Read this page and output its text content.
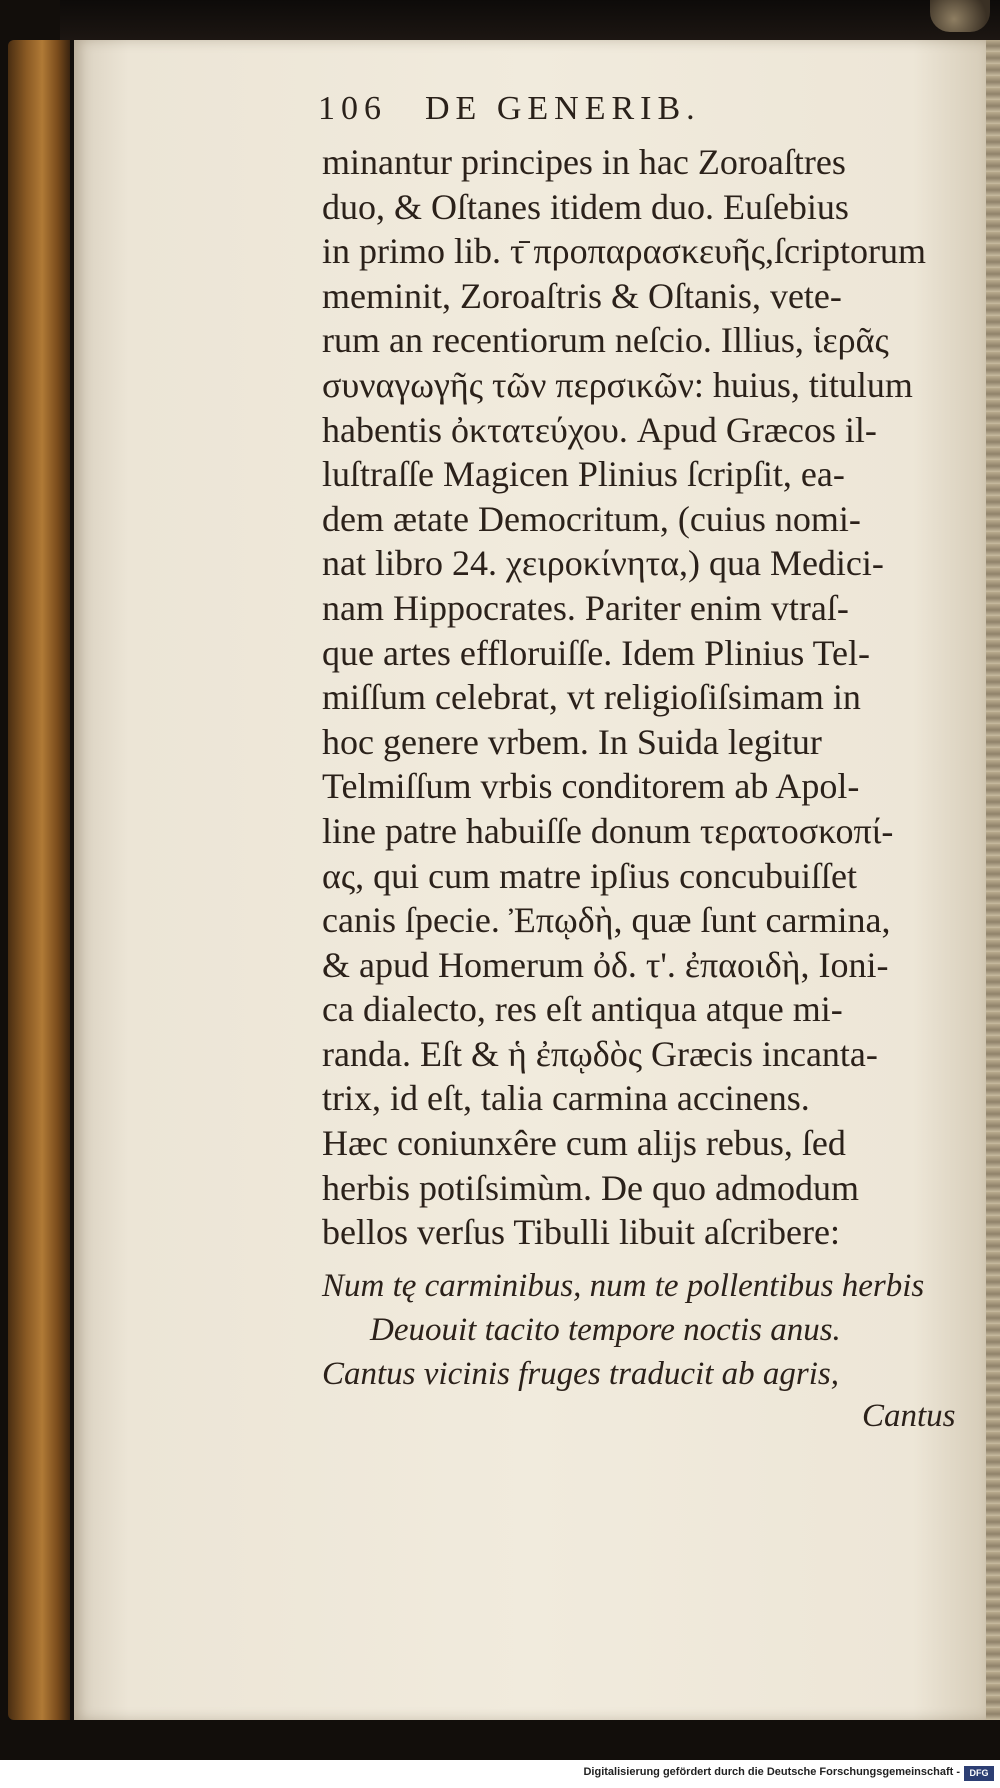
106 DE GENERIB.
minantur principes in hac Zoroaſtres
duo, & Oſtanes itidem duo. Euſebius
in primo lib. τ̄ προπαρασκευῆς,ſcriptorum
meminit, Zoroaſtris & Oſtanis, vete-
rum an recentiorum neſcio. Illius, ἱερᾶς
συναγωγῆς τῶν περσικῶν: huius, titulum
habentis ὀκτατεύχου. Apud Græcos il-
luſtraſſe Magicen Plinius ſcripſit, ea-
dem ætate Democritum, (cuius nomi-
nat libro 24. χειροκίνητα,) qua Medici-
nam Hippocrates. Pariter enim vtraſ-
que artes effloruiſſe. Idem Plinius Tel-
miſſum celebrat, vt religioſiſsimam in
hoc genere vrbem. In Suida legitur
Telmiſſum vrbis conditorem ab Apol-
line patre habuiſſe donum τερατοσκοπί-
ας, qui cum matre ipſius concubuiſſet
canis ſpecie. Ἐπῳδὴ, quæ ſunt carmina,
& apud Homerum ὀδ. τ'. ἐπαοιδὴ, Ioni-
ca dialecto, res eſt antiqua atque mi-
randa. Eſt & ἡ ἐπῳδὸς Græcis incanta-
trix, id eſt, talia carmina accinens.
Hæc coniunxêre cum alijs rebus, ſed
herbis potiſsimùm. De quo admodum
bellos verſus Tibulli libuit aſcribere:
Num tę carminibus, num te pollentibus herbis
Deuouit tacito tempore noctis anus.
Cantus vicinis fruges traducit ab agris,
Cantus
Digitalisierung gefördert durch die Deutsche Forschungsgemeinschaft -	DFG
